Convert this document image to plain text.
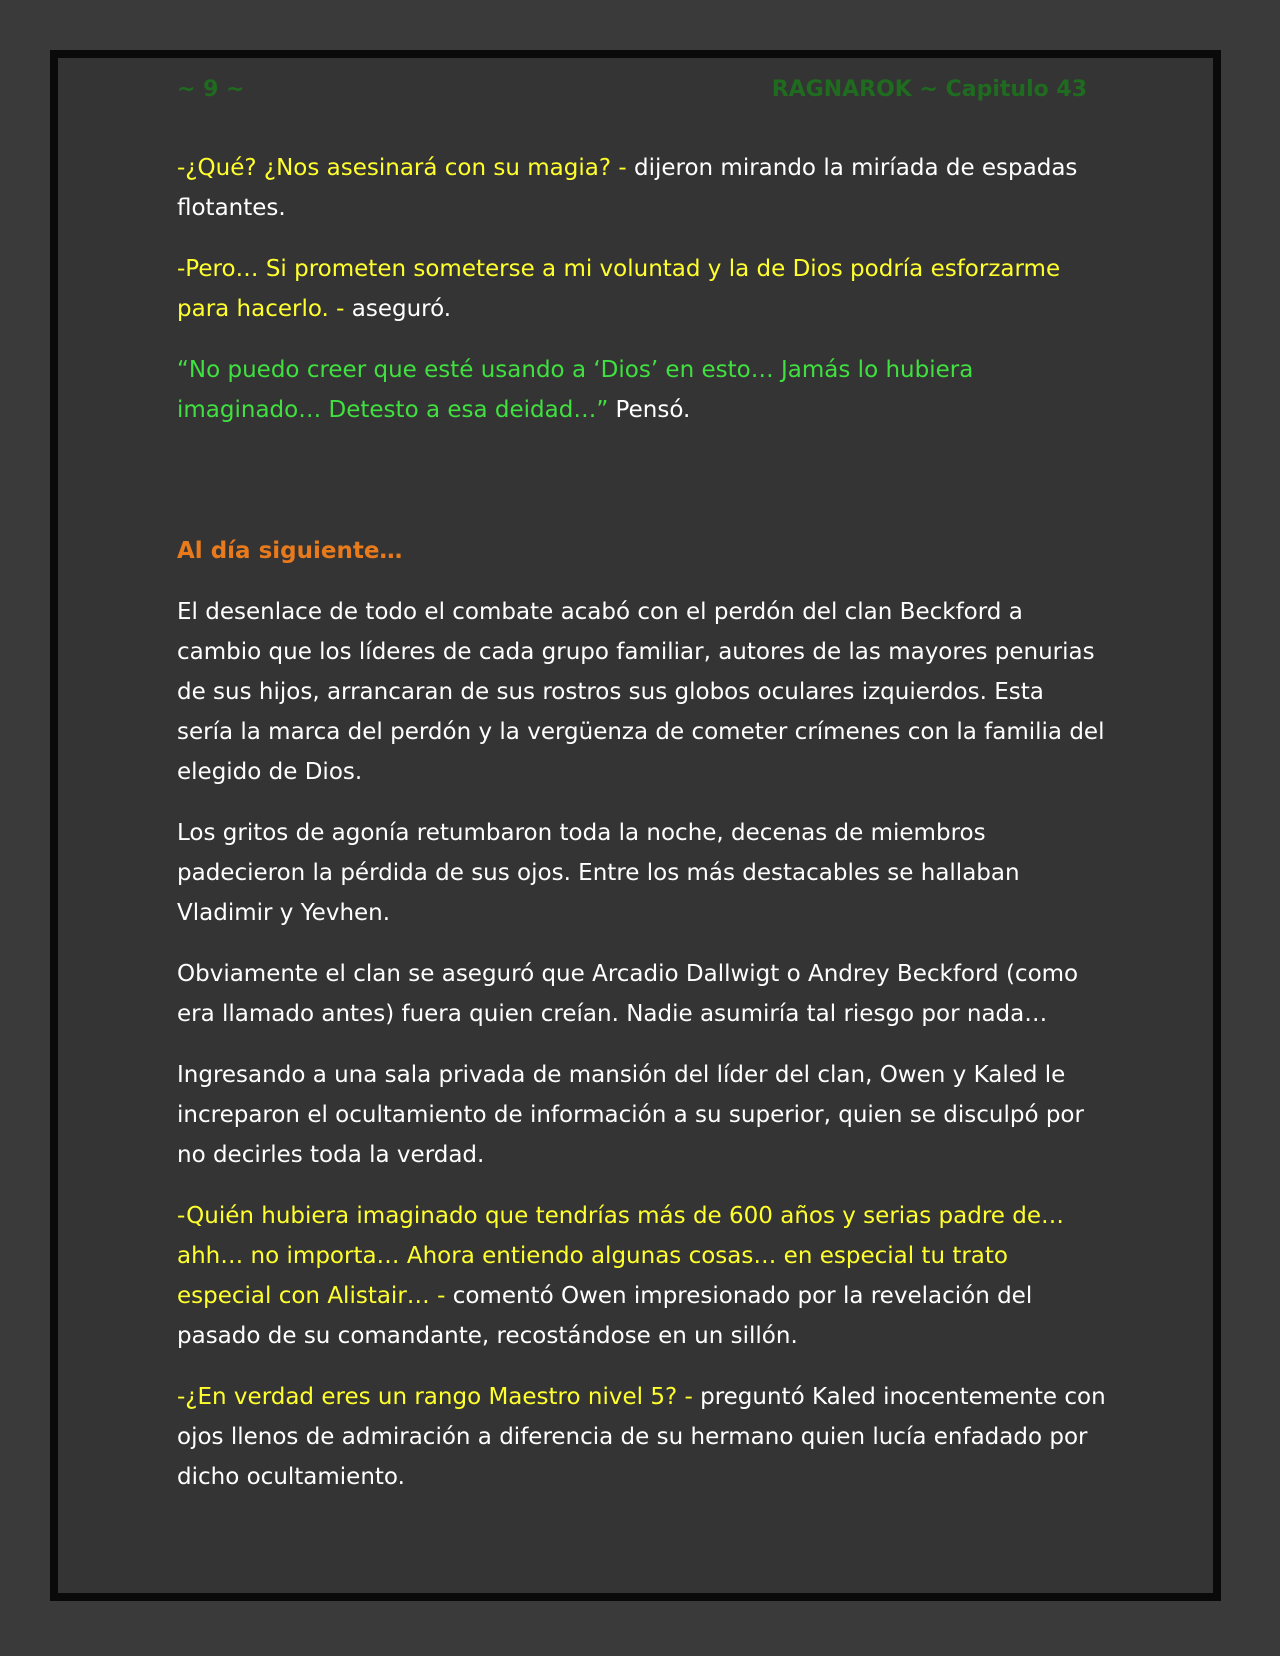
~ 9 ~	RAGNAROK ~ Capitulo 43

-¿Qué? ¿Nos asesinará con su magia? - dijeron mirando la miríada de espadas flotantes.

-Pero… Si prometen someterse a mi voluntad y la de Dios podría esforzarme para hacerlo. - aseguró.

“No puedo creer que esté usando a ‘Dios’ en esto… Jamás lo hubiera imaginado… Detesto a esa deidad…” Pensó.

Al día siguiente…

El desenlace de todo el combate acabó con el perdón del clan Beckford a cambio que los líderes de cada grupo familiar, autores de las mayores penurias de sus hijos, arrancaran de sus rostros sus globos oculares izquierdos. Esta sería la marca del perdón y la vergüenza de cometer crímenes con la familia del elegido de Dios.

Los gritos de agonía retumbaron toda la noche, decenas de miembros padecieron la pérdida de sus ojos. Entre los más destacables se hallaban Vladimir y Yevhen.

Obviamente el clan se aseguró que Arcadio Dallwigt o Andrey Beckford (como era llamado antes) fuera quien creían. Nadie asumiría tal riesgo por nada…

Ingresando a una sala privada de mansión del líder del clan, Owen y Kaled le increparon el ocultamiento de información a su superior, quien se disculpó por no decirles toda la verdad.

-Quién hubiera imaginado que tendrías más de 600 años y serias padre de… ahh… no importa… Ahora entiendo algunas cosas… en especial tu trato especial con Alistair… - comentó Owen impresionado por la revelación del pasado de su comandante, recostándose en un sillón.

-¿En verdad eres un rango Maestro nivel 5? - preguntó Kaled inocentemente con ojos llenos de admiración a diferencia de su hermano quien lucía enfadado por dicho ocultamiento.
